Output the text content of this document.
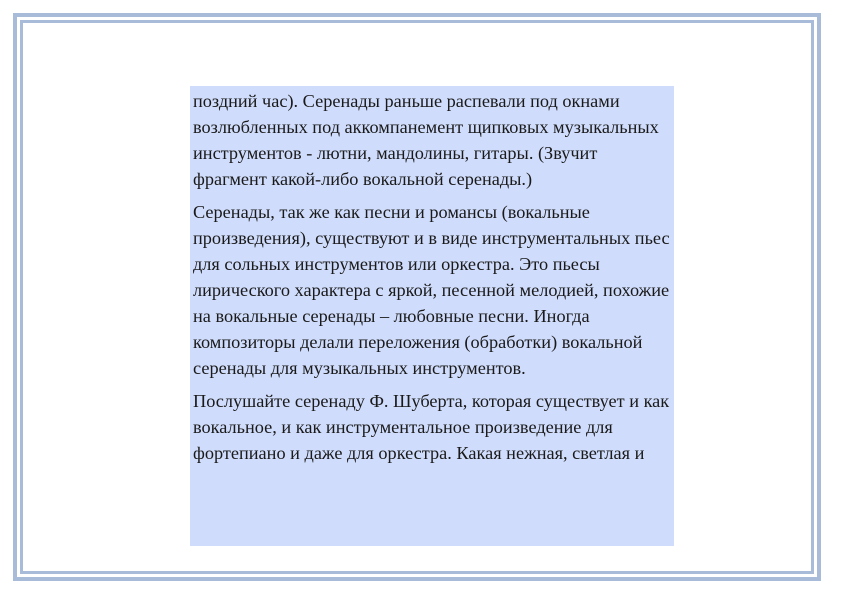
поздний час). Серенады раньше распевали под окнами возлюбленных под аккомпанемент щипковых музыкальных инструментов - лютни, мандолины, гитары. (Звучит фрагмент какой-либо вокальной серенады.)

Серенады, так же как песни и романсы (вокальные произведения), существуют и в виде инструментальных пьес для сольных инструментов или оркестра. Это пьесы лирического характера с яркой, песенной мелодией, похожие на вокальные серенады – любовные песни. Иногда композиторы делали переложения (обработки) вокальной серенады для музыкальных инструментов.

Послушайте серенаду Ф. Шуберта, которая существует и как вокальное, и как инструментальное произведение для фортепиано и даже для оркестра. Какая нежная, светлая и
